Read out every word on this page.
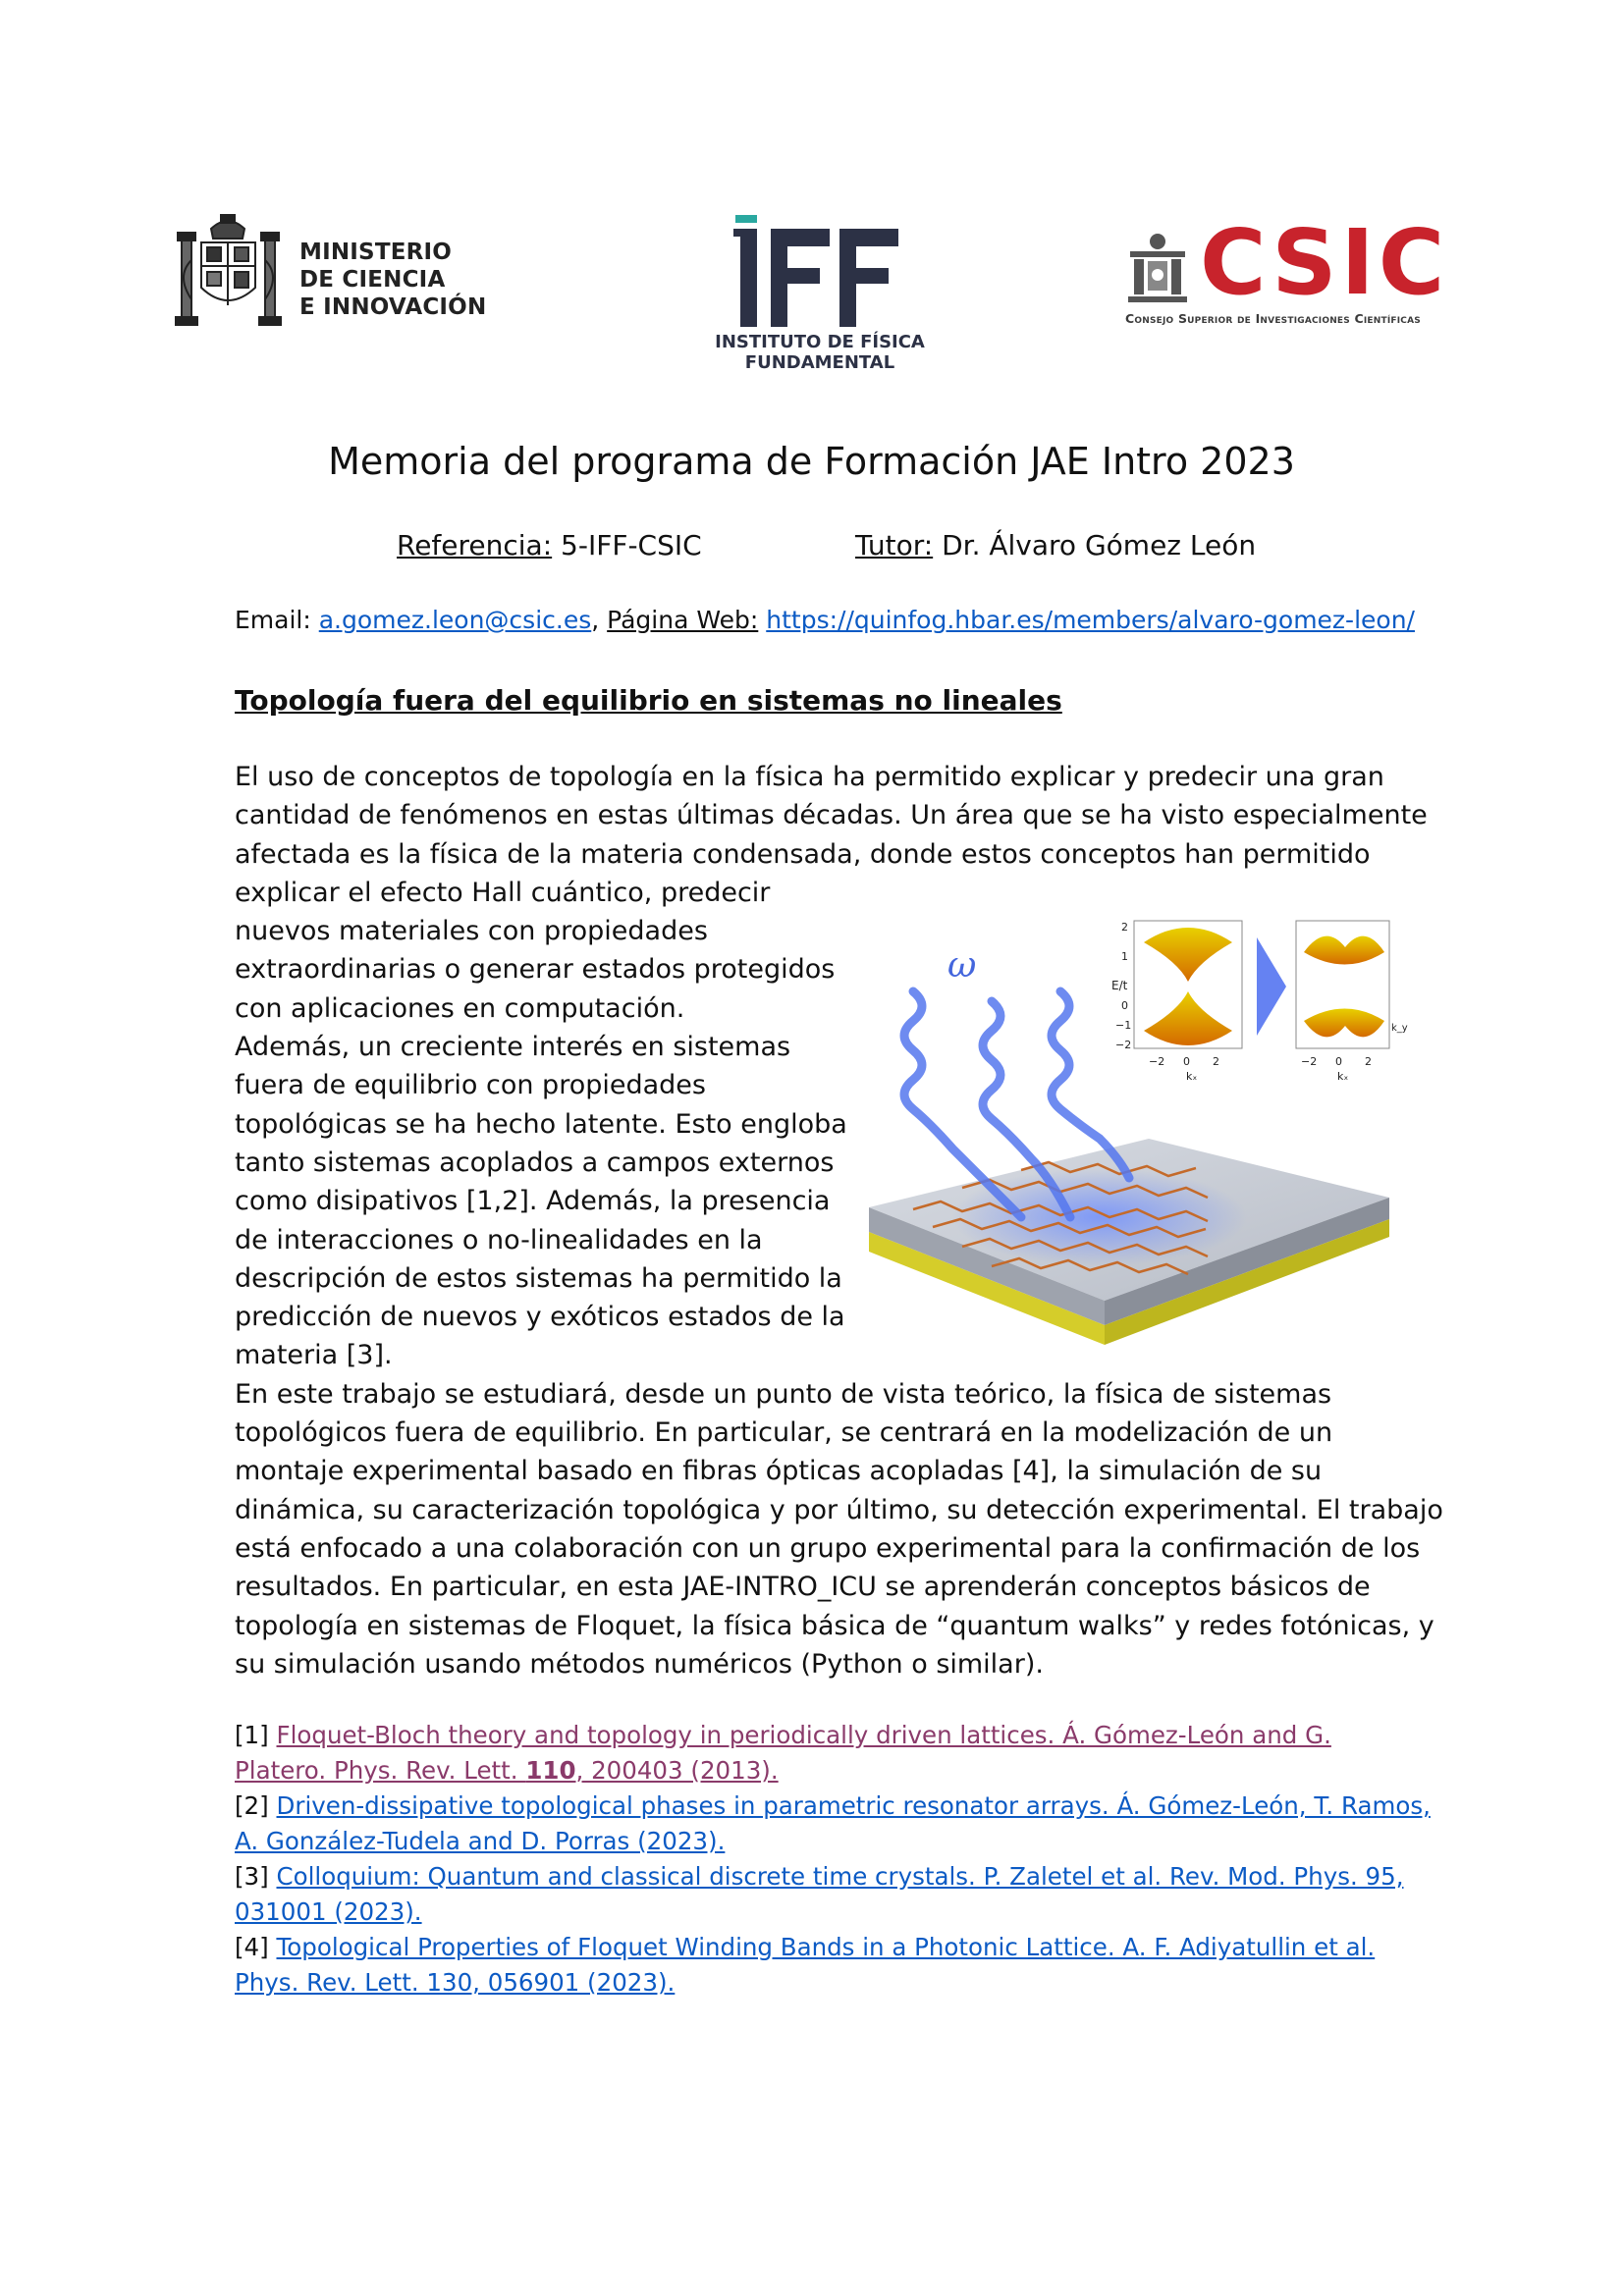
MINISTERIO
DE CIENCIA
E INNOVACIÓN
INSTITUTO DE FÍSICA
FUNDAMENTAL
CSIC
Consejo Superior de Investigaciones Científicas
Memoria del programa de Formación JAE Intro 2023
Referencia: 5-IFF-CSIC	Tutor: Dr. Álvaro Gómez León
Email: a.gomez.leon@csic.es, Página Web: https://quinfog.hbar.es/members/alvaro-gomez-leon/
Topología fuera del equilibrio en sistemas no lineales
El uso de conceptos de topología en la física ha permitido explicar y predecir una gran
cantidad de fenómenos en estas últimas décadas. Un área que se ha visto especialmente
afectada es la física de la materia condensada, donde estos conceptos han permitido
explicar el efecto Hall cuántico, predecir
nuevos materiales con propiedades
extraordinarias o generar estados protegidos
con aplicaciones en computación.
Además, un creciente interés en sistemas
fuera de equilibrio con propiedades
topológicas se ha hecho latente. Esto engloba
tanto sistemas acoplados a campos externos
como disipativos [1,2]. Además, la presencia
de interacciones o no-linealidades en la
descripción de estos sistemas ha permitido la
predicción de nuevos y exóticos estados de la
materia [3].
En este trabajo se estudiará, desde un punto de vista teórico, la física de sistemas
topológicos fuera de equilibrio. En particular, se centrará en la modelización de un
montaje experimental basado en fibras ópticas acopladas [4], la simulación de su
dinámica, su caracterización topológica y por último, su detección experimental. El trabajo
está enfocado a una colaboración con un grupo experimental para la confirmación de los
resultados. En particular, en esta JAE-INTRO_ICU se aprenderán conceptos básicos de
topología en sistemas de Floquet, la física básica de “quantum walks” y redes fotónicas, y
su simulación usando métodos numéricos (Python o similar).
ω	E/t
2
1
0
−1
−2
−2 0 2
kₓ
−2 0 2
kₓ
k_y
[1] Floquet-Bloch theory and topology in periodically driven lattices. Á. Gómez-León and G.
Platero. Phys. Rev. Lett. 110, 200403 (2013).
[2] Driven-dissipative topological phases in parametric resonator arrays. Á. Gómez-León, T. Ramos,
A. González-Tudela and D. Porras (2023).
[3] Colloquium: Quantum and classical discrete time crystals. P. Zaletel et al. Rev. Mod. Phys. 95,
031001 (2023).
[4] Topological Properties of Floquet Winding Bands in a Photonic Lattice. A. F. Adiyatullin et al.
Phys. Rev. Lett. 130, 056901 (2023).
